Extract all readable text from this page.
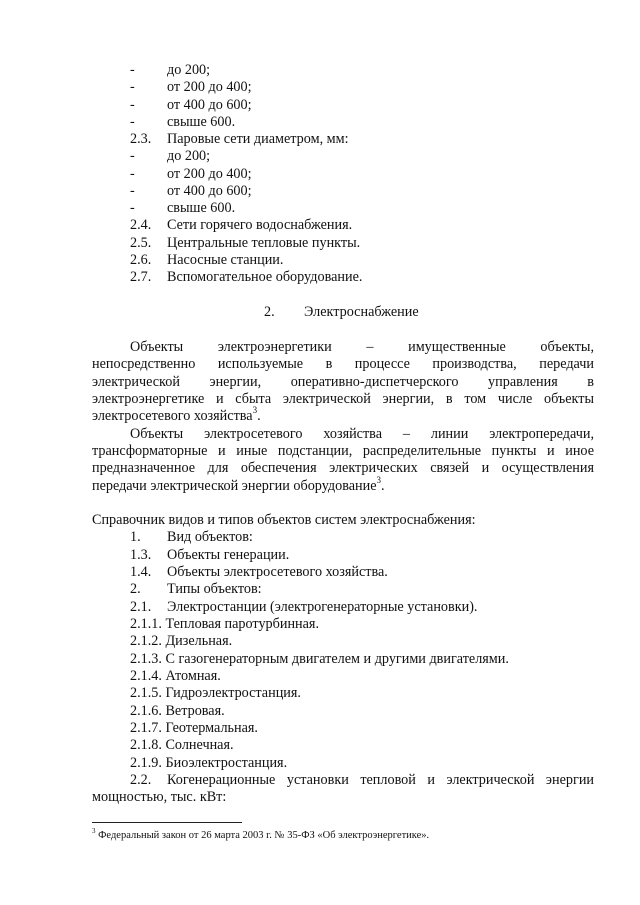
- до 200;
- от 200 до 400;
- от 400 до 600;
- свыше 600.
2.3. Паровые сети диаметром, мм:
- до 200;
- от 200 до 400;
- от 400 до 600;
- свыше 600.
2.4. Сети горячего водоснабжения.
2.5. Центральные тепловые пункты.
2.6. Насосные станции.
2.7. Вспомогательное оборудование.
2. Электроснабжение
Объекты электроэнергетики – имущественные объекты,
непосредственно используемые в процессе производства, передачи
электрической энергии, оперативно-диспетчерского управления в
электроэнергетике и сбыта электрической энергии, в том числе объекты
электросетевого хозяйства$^3$.
Объекты электросетевого хозяйства – линии электропередачи,
трансформаторные и иные подстанции, распределительные пункты и иное
предназначенное для обеспечения электрических связей и осуществления
передачи электрической энергии оборудование$^3$.
Справочник видов и типов объектов систем электроснабжения:
1. Вид объектов:
1.3. Объекты генерации.
1.4. Объекты электросетевого хозяйства.
2. Типы объектов:
2.1. Электростанции (электрогенераторные установки).
2.1.1. Тепловая паротурбинная.
2.1.2. Дизельная.
2.1.3. С газогенераторным двигателем и другими двигателями.
2.1.4. Атомная.
2.1.5. Гидроэлектростанция.
2.1.6. Ветровая.
2.1.7. Геотермальная.
2.1.8. Солнечная.
2.1.9. Биоэлектростанция.
2.2. Когенерационные установки тепловой и электрической энергии
мощностью, тыс. кВт:
$^3$ Федеральный закон от 26 марта 2003 г. № 35-ФЗ «Об электроэнергетике».
